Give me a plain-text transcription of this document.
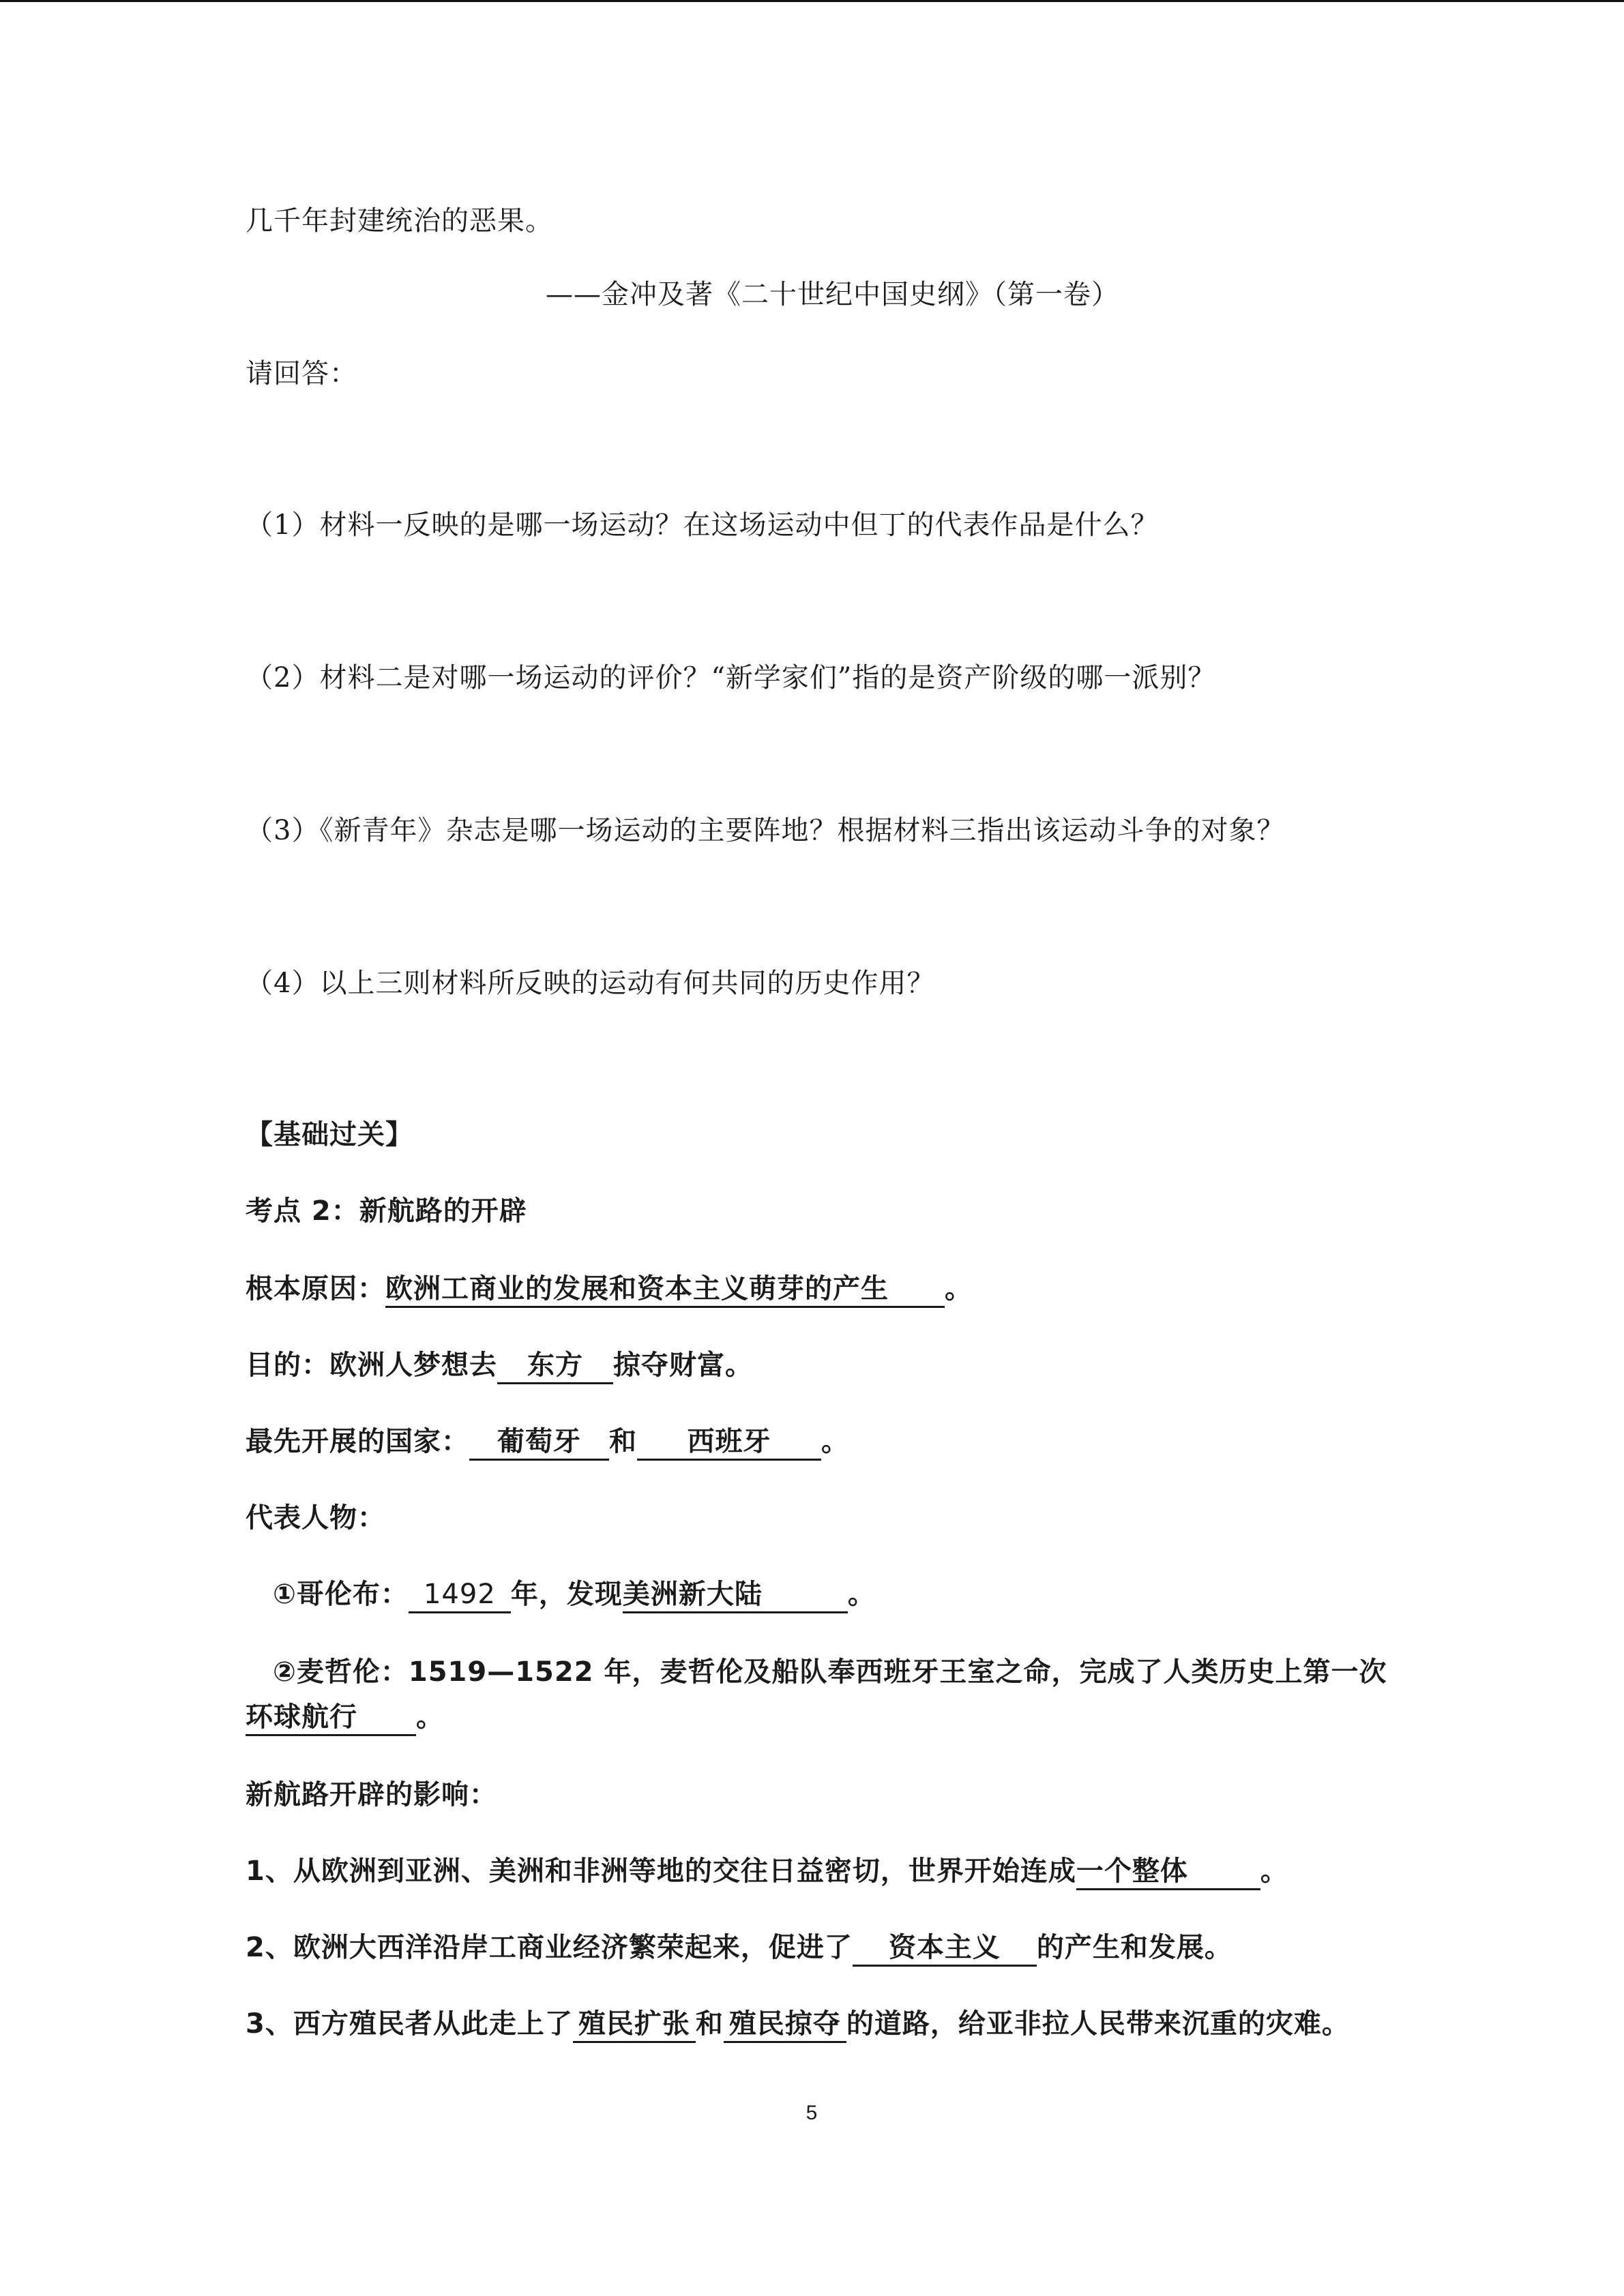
几千年封建统治的恶果。
——金冲及著《二十世纪中国史纲》（第一卷）
请回答：
（1）材料一反映的是哪一场运动？在这场运动中但丁的代表作品是什么？
（2）材料二是对哪一场运动的评价？“新学家们”指的是资产阶级的哪一派别？
（3）《新青年》杂志是哪一场运动的主要阵地？根据材料三指出该运动斗争的对象？
（4）以上三则材料所反映的运动有何共同的历史作用？
【基础过关】
考点 2：新航路的开辟
根本原因：欧洲工商业的发展和资本主义萌芽的产生 。
目的：欧洲人梦想去 东方 掠夺财富。
最先开展的国家： 葡萄牙 和 西班牙 。
代表人物：
①哥伦布： 1492 年，发现美洲新大陆	。
②麦哲伦：1519—1522 年，麦哲伦及船队奉西班牙王室之命，完成了人类历史上第一次
环球航行 。
新航路开辟的影响：
1、从欧洲到亚洲、美洲和非洲等地的交往日益密切，世界开始连成一个整体	。
2、欧洲大西洋沿岸工商业经济繁荣起来，促进了 资本主义 的产生和发展。
3、西方殖民者从此走上了 殖民扩张 和 殖民掠夺 的道路，给亚非拉人民带来沉重的灾难。
5
